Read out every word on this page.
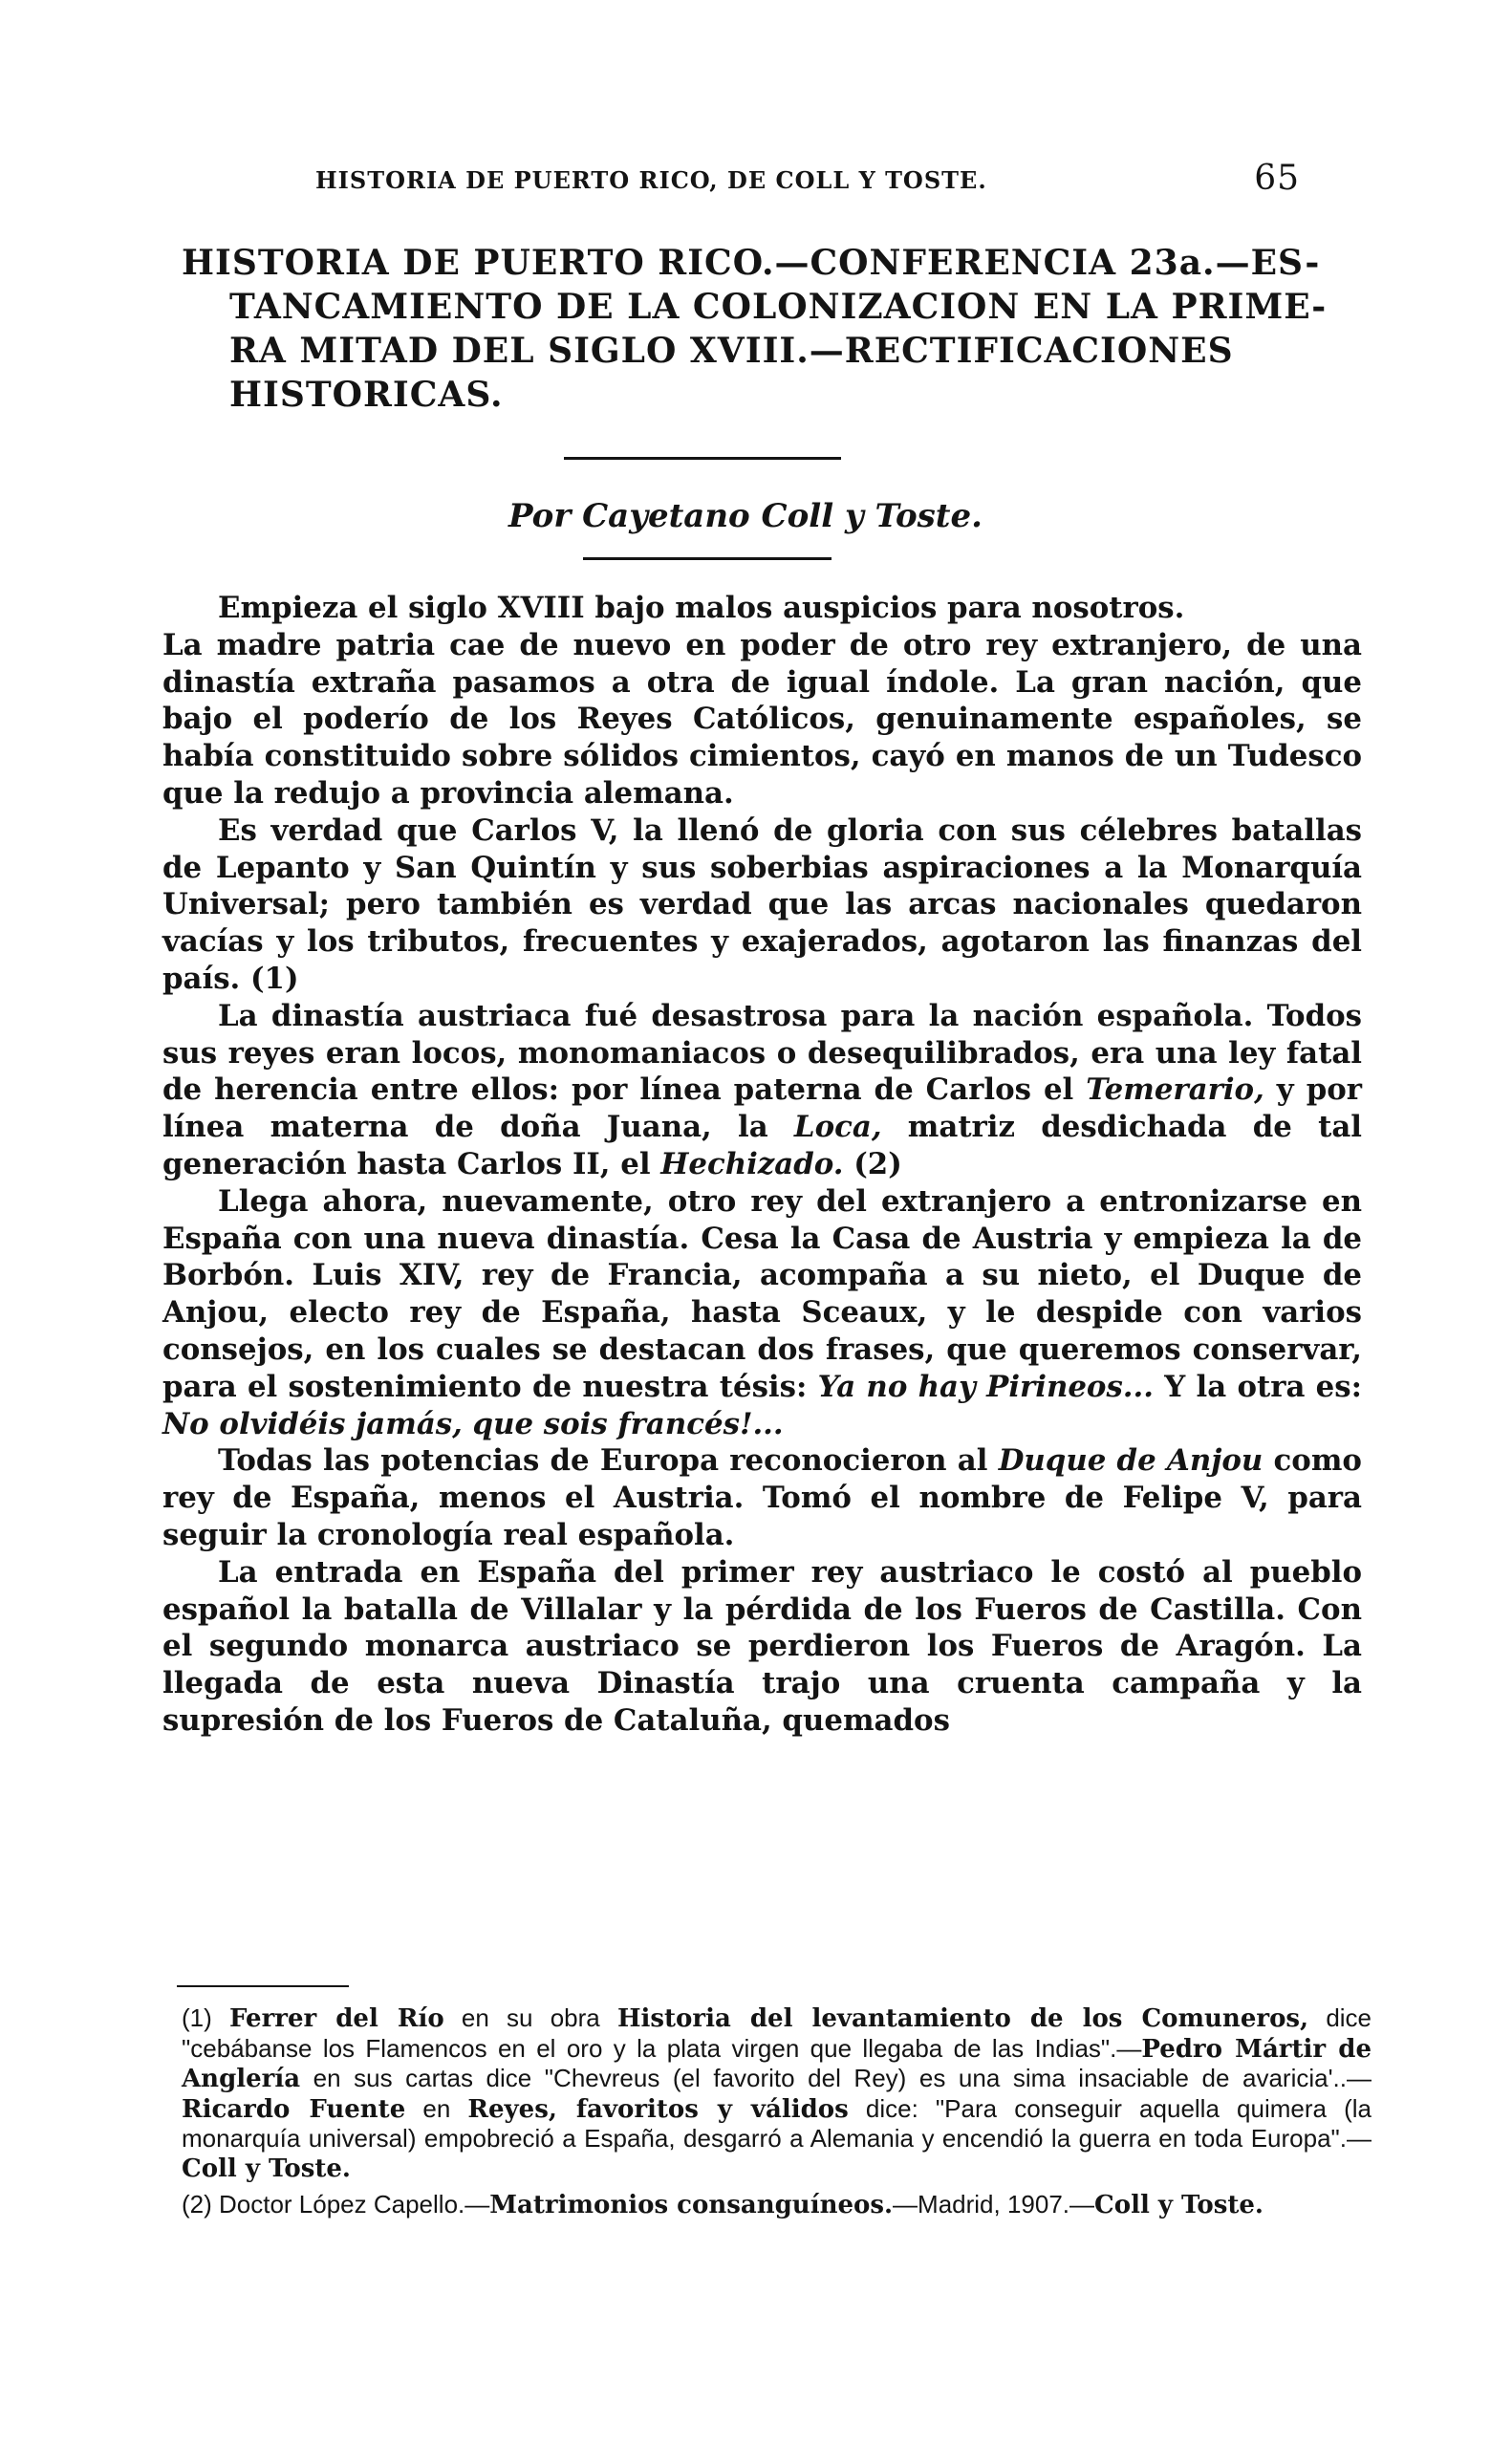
HISTORIA DE PUERTO RICO, DE COLL Y TOSTE.	65
HISTORIA DE PUERTO RICO.—CONFERENCIA 23a.—ES-
TANCAMIENTO DE LA COLONIZACION EN LA PRIME-
RA MITAD DEL SIGLO XVIII.—RECTIFICACIONES
HISTORICAS.
Por Cayetano Coll y Toste.

Empieza el siglo XVIII bajo malos auspicios para nosotros.

La madre patria cae de nuevo en poder de otro rey extranjero, de una dinastía extraña pasamos a otra de igual índole. La gran nación, que bajo el poderío de los Reyes Católicos, genuinamente españoles, se había constituido sobre sólidos cimientos, cayó en manos de un Tudesco que la redujo a provincia alemana.

Es verdad que Carlos V, la llenó de gloria con sus célebres batallas de Lepanto y San Quintín y sus soberbias aspiraciones a la Monarquía Universal; pero también es verdad que las arcas nacionales quedaron vacías y los tributos, frecuentes y exajerados, agotaron las finanzas del país. (1)

La dinastía austriaca fué desastrosa para la nación española. Todos sus reyes eran locos, monomaniacos o desequilibrados, era una ley fatal de herencia entre ellos: por línea paterna de Carlos el Temerario, y por línea materna de doña Juana, la Loca, matriz desdichada de tal generación hasta Carlos II, el Hechizado. (2)

Llega ahora, nuevamente, otro rey del extranjero a entronizarse en España con una nueva dinastía. Cesa la Casa de Austria y empieza la de Borbón. Luis XIV, rey de Francia, acompaña a su nieto, el Duque de Anjou, electo rey de España, hasta Sceaux, y le despide con varios consejos, en los cuales se destacan dos frases, que queremos conservar, para el sostenimiento de nuestra tésis: Ya no hay Pirineos... Y la otra es: No olvidéis jamás, que sois francés!...

Todas las potencias de Europa reconocieron al Duque de Anjou como rey de España, menos el Austria. Tomó el nombre de Felipe V, para seguir la cronología real española.

La entrada en España del primer rey austriaco le costó al pueblo español la batalla de Villalar y la pérdida de los Fueros de Castilla. Con el segundo monarca austriaco se perdieron los Fueros de Aragón. La llegada de esta nueva Dinastía trajo una cruenta campaña y la supresión de los Fueros de Cataluña, quemados

(1) Ferrer del Río en su obra Historia del levantamiento de los Comuneros, dice "cebábanse los Flamencos en el oro y la plata virgen que llegaba de las Indias".—Pedro Mártir de Anglería en sus cartas dice "Chevreus (el favorito del Rey) es una sima insaciable de avaricia'..—Ricardo Fuente en Reyes, favoritos y válidos dice: "Para conseguir aquella quimera (la monarquía universal) empobreció a España, desgarró a Alemania y encendió la guerra en toda Europa".—Coll y Toste.

(2) Doctor López Capello.—Matrimonios consanguíneos.—Madrid, 1907.—Coll y Toste.
